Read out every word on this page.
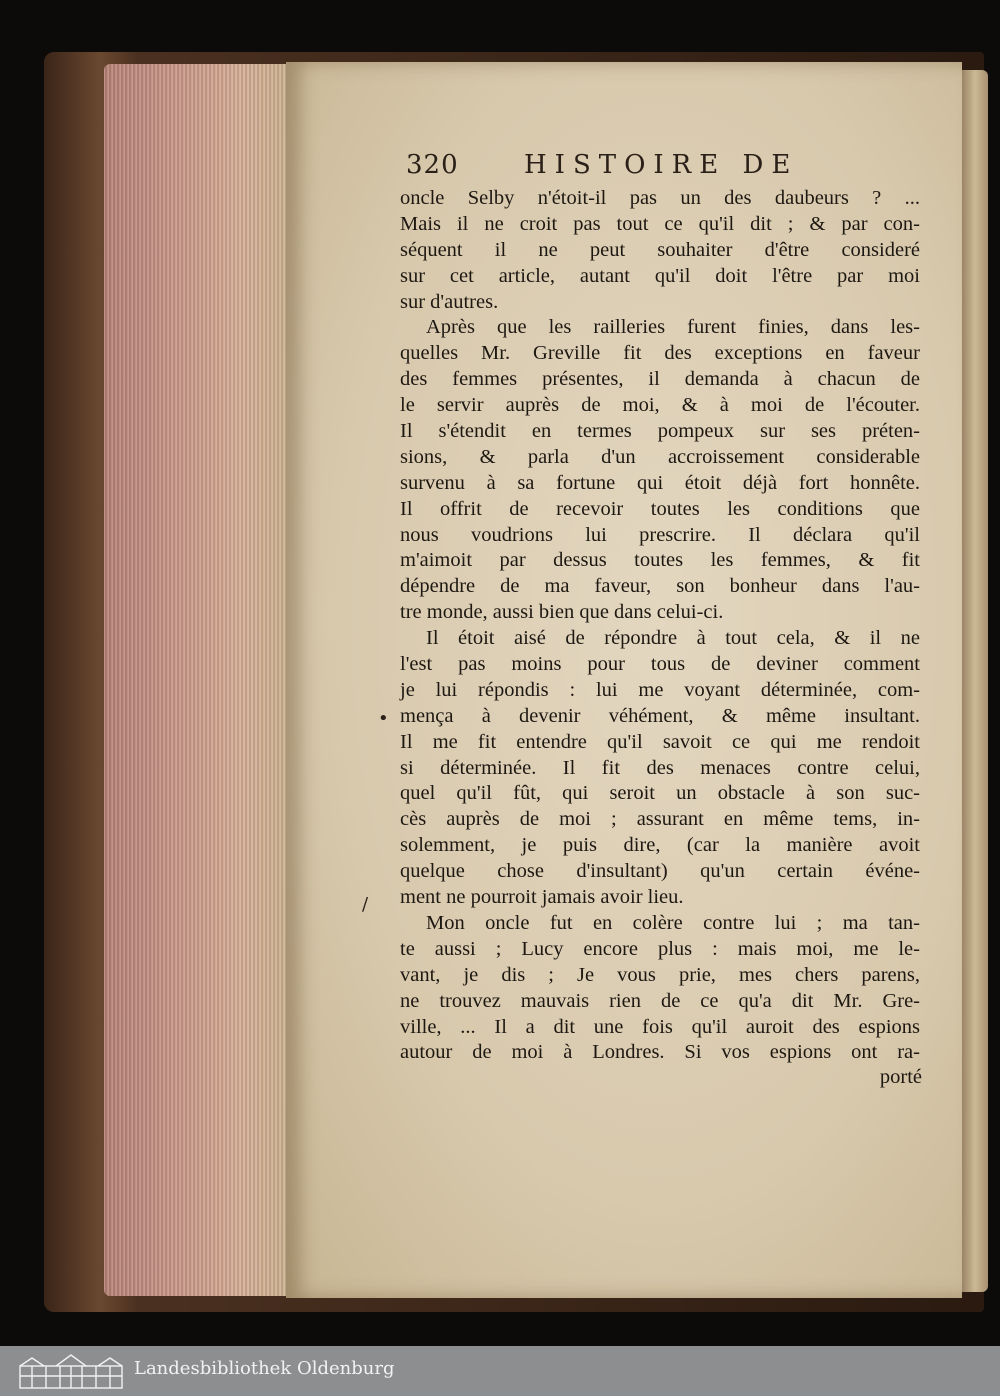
320	HISTOIRE DE
oncle Selby n'étoit-il pas un des daubeurs ? ...
Mais il ne croit pas tout ce qu'il dit ; & par con-
séquent il ne peut souhaiter d'être consideré
sur cet article, autant qu'il doit l'être par moi
sur d'autres.
Après que les railleries furent finies, dans les-
quelles Mr. Greville fit des exceptions en faveur
des femmes présentes, il demanda à chacun de
le servir auprès de moi, & à moi de l'écouter.
Il s'étendit en termes pompeux sur ses préten-
sions, & parla d'un accroissement considerable
survenu à sa fortune qui étoit déjà fort honnête.
Il offrit de recevoir toutes les conditions que
nous voudrions lui prescrire. Il déclara qu'il
m'aimoit par dessus toutes les femmes, & fit
dépendre de ma faveur, son bonheur dans l'au-
tre monde, aussi bien que dans celui-ci.
Il étoit aisé de répondre à tout cela, & il ne
l'est pas moins pour tous de deviner comment
je lui répondis : lui me voyant déterminée, com-
mença à devenir véhément, & même insultant.
Il me fit entendre qu'il savoit ce qui me rendoit
si déterminée. Il fit des menaces contre celui,
quel qu'il fût, qui seroit un obstacle à son suc-
cès auprès de moi ; assurant en même tems, in-
solemment, je puis dire, (car la manière avoit
quelque chose d'insultant) qu'un certain événe-
ment ne pourroit jamais avoir lieu.
Mon oncle fut en colère contre lui ; ma tan-
te aussi ; Lucy encore plus : mais moi, me le-
vant, je dis ; Je vous prie, mes chers parens,
ne trouvez mauvais rien de ce qu'a dit Mr. Gre-
ville, ... Il a dit une fois qu'il auroit des espions
autour de moi à Londres. Si vos espions ont ra-
•
/
porté
Landesbibliothek Oldenburg
